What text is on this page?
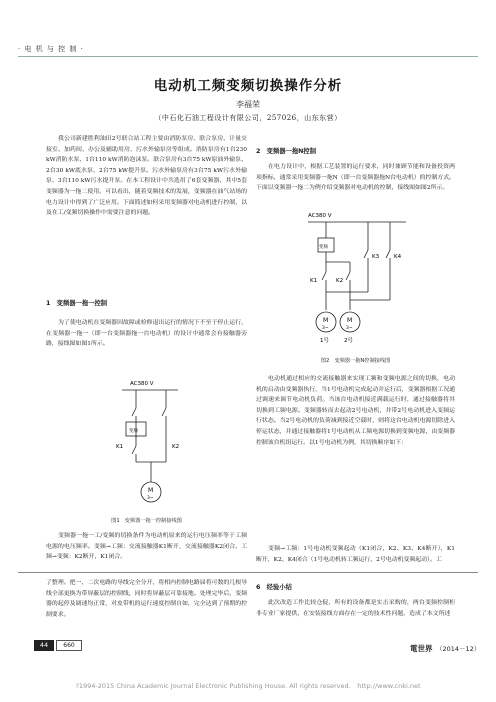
· 电 机 与 控 制 ·
电动机工频变频切换操作分析
李福荣
（中石化石油工程设计有限公司，257026，山东东营）
我公司新建胜利油田2号联合站工程主要由消防泵房、联合泵房、计量交接室、加药间、办公及辅助用房、污水外输泵房等组成。消防泵房有1台230 kW消防水泵、1台110 kW消防泡沫泵。联合泵房有3台75 kW原油外输泵、2台30 kW底水泵、2台75 kW提升泵。污水外输泵房有3台75 kW污水外输泵、3台110 kW污水提升泵。在本工程设计中共选用了6套变频器，其中5套变频器为一拖二使用。可以看出，随着变频技术的发展，变频器在油气站场的电力设计中得到了广泛应用。下面简述如何采用变频器对电动机进行控制，以及在工/变频切换操作中需要注意的问题。
1　变频器一拖一控制
为了使电动机在变频器因故障或检修退出运行的情况下不至于停止运行，在变频器一拖一（即一台变频器拖一台电动机）的设计中通常会有接触器旁路，接线图如图1所示。
AC380 V
变频
K1	K2
M
3~
图1　变频器一拖一控制接线图
变频器一拖一工/变频的切换条件为电动机原来的运行电压频率等于工频电源的电压频率。变频→工频：交流接触器K1断开，交流接触器K2闭合。工频→变频：K2断开，K1闭合。
2　变频器一拖N控制
在电力设计中，根据工艺装置的运行要求，同时兼顾节能和设备投资两项指标，通常采用变频器一拖N（即一台变频器拖N台电动机）的控制方式。下面以变频器一拖二为例介绍变频器对电动机的控制，接线图如图2所示。
AC380 V
变频
K3	K4
K1	K2
M	M
3~	3~
1号	2号
图2　变频器一拖N控制接线图
电动机通过相应的交流接触器来实现工频和变频电源之间的切换，电动机的启动由变频器执行，当1号电动机完成起动并运行后，变频器根据工况通过调速来调节电动机负荷。当该台电动机接近满载运行时，通过接触器将其切换到工频电源。变频器转而去起动2号电动机，并带2号电动机进入变频运行状态。当2号电动机的负荷减到接近空载时，则将这台电动机电源切除进入停运状态，并通过接触器将1号电动机从工频电源切换到变频电源，由变频器控制该台机组运行。以1号电动机为例，其切换顺序如下：
变频→工频：1号电动机变频起动（K1闭合，K2、K3、K4断开），K1断开，K2、K4闭合（1号电动机转工频运行，2号电动机变频起动）。工
了整理。把一、二次电路的导线完全分开，将相内控制电路届将可数的几根导线全部更换为带屏蔽层的控制线，同时将屏蔽层可靠接地。处理完毕后，变频器的起停及调速均正常，对皮带机的运行速度控制自如，完全达到了预期的控制要求。
6　经验小结
此次改造工作比较仓促，所有的设备都是实击采购的，两台变频控制柜非专业厂家提供，在安装接线方面存在一定的技术性问题，造成了本文所述
44	660	電世界 （2014－12）
?1994-2015 China Academic Journal Electronic Publishing House. All rights reserved.　http://www.cnki.net
